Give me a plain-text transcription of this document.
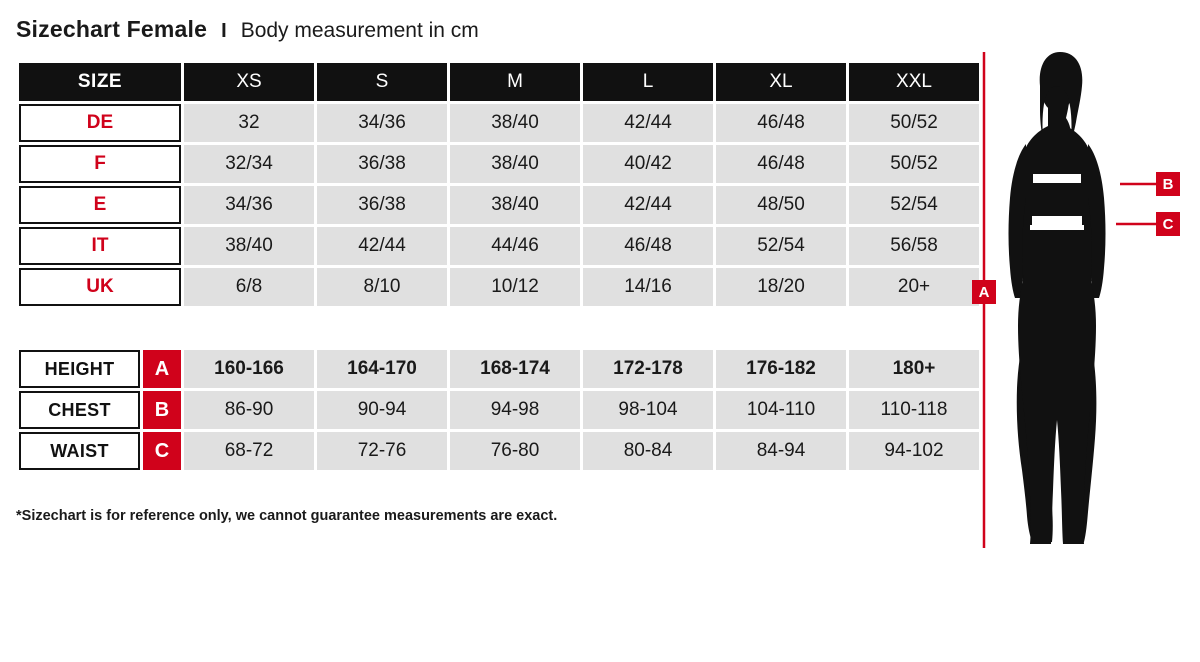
Sizechart Female I Body measurement in cm
SIZE	XS	S	M	L	XL	XXL
DE	32	34/36	38/40	42/44	46/48	50/52
F	32/34	36/38	38/40	40/42	46/48	50/52
E	34/36	36/38	38/40	42/44	48/50	52/54
IT	38/40	42/44	44/46	46/48	52/54	56/58
UK	6/8	8/10	10/12	14/16	18/20	20+

HEIGHT A	160-166	164-170	168-174	172-178	176-182	180+

CHEST B	86-90	90-94	94-98	98-104	104-110	110-118

WAIST C	68-72	72-76	76-80	80-84	84-94	94-102
*Sizechart is for reference only, we cannot guarantee measurements are exact.
A
B
C
